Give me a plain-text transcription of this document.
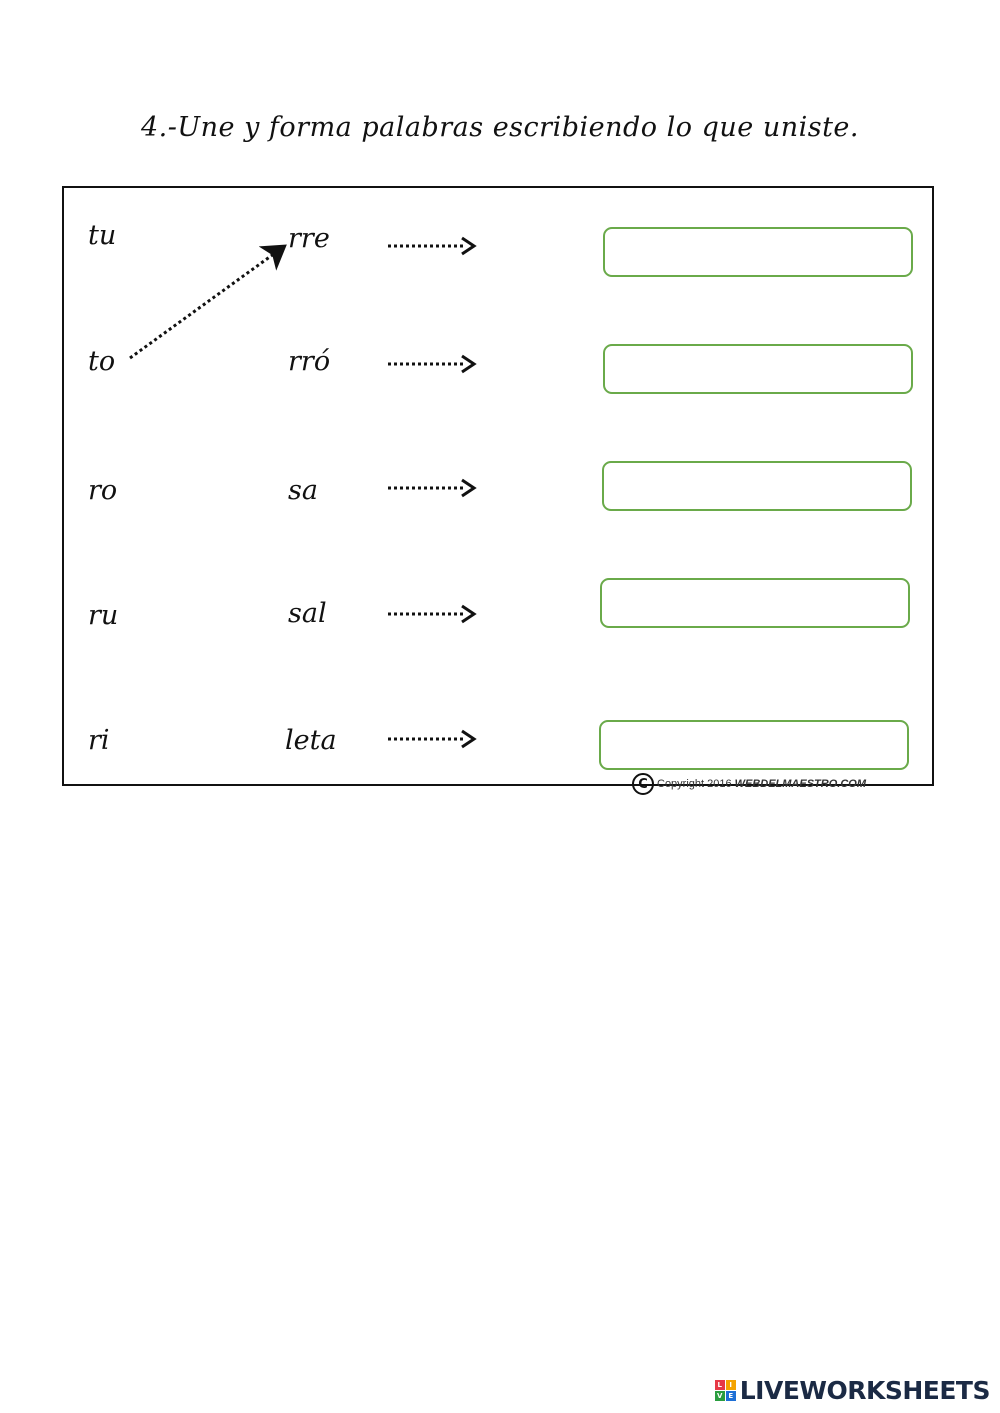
4.-Une y forma palabras escribiendo lo que uniste.
tu	rre
to	rró
ro	sa
ru	sal
ri	leta
C Copyright 2016 WEBDELMAESTRO.COM
L	I
V E LIVEWORKSHEETS
